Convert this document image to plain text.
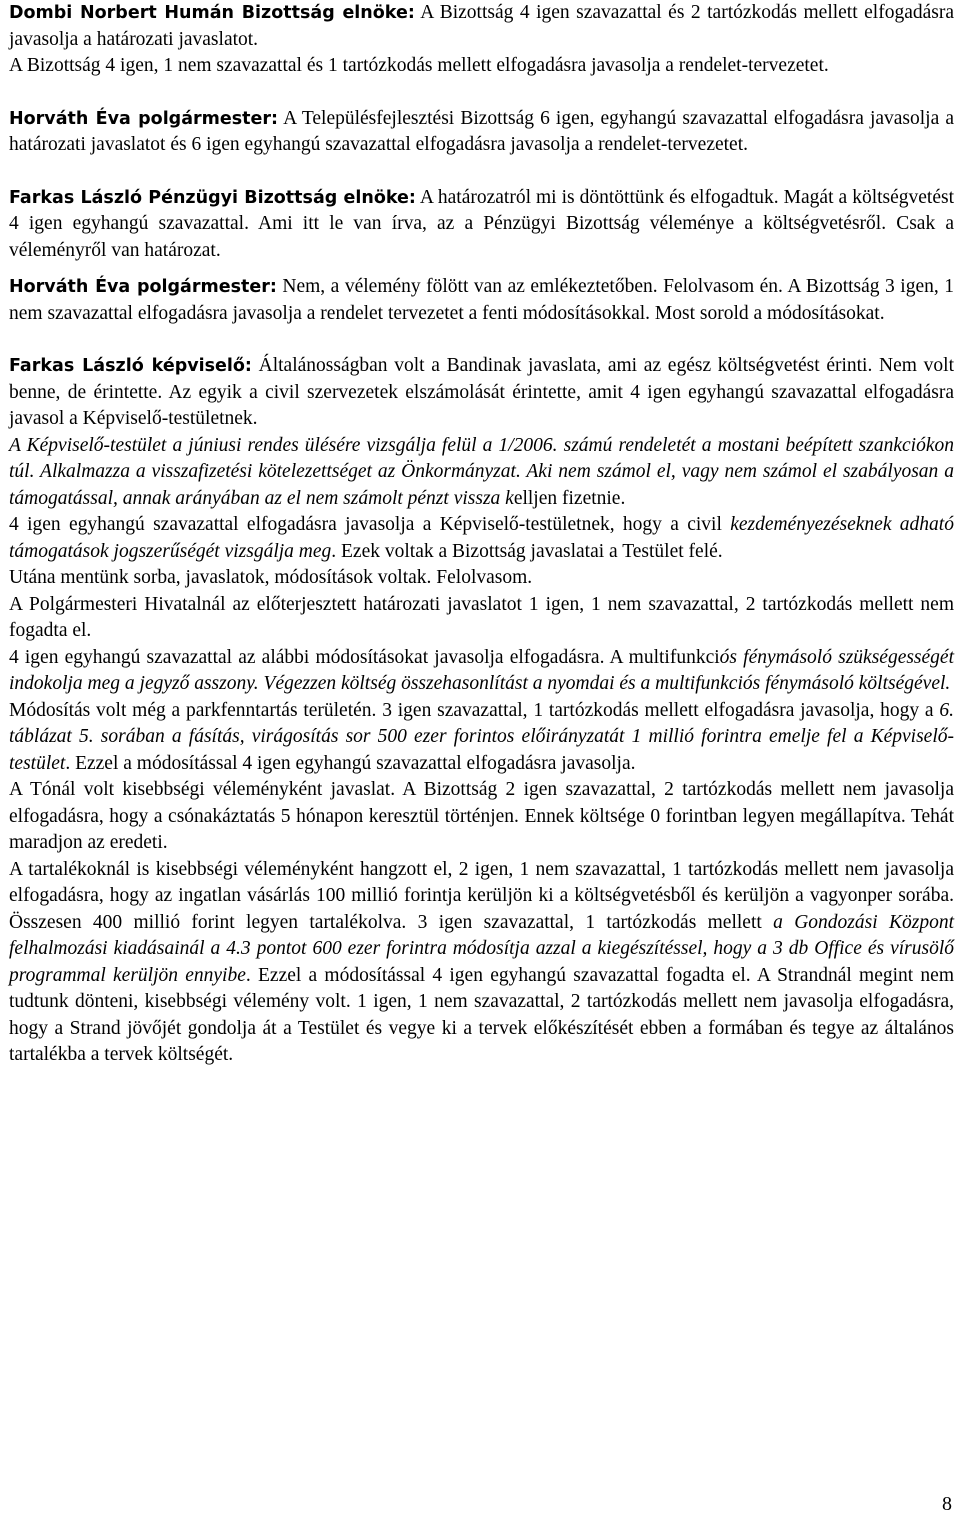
Dombi Norbert Humán Bizottság elnöke: A Bizottság 4 igen szavazattal és 2 tartózkodás mellett elfogadásra javasolja a határozati javaslatot.

A Bizottság 4 igen, 1 nem szavazattal és 1 tartózkodás mellett elfogadásra javasolja a rendelet-tervezetet.

Horváth Éva polgármester: A Településfejlesztési Bizottság 6 igen, egyhangú szavazattal elfogadásra javasolja a határozati javaslatot és 6 igen egyhangú szavazattal elfogadásra javasolja a rendelet-tervezetet.

Farkas László Pénzügyi Bizottság elnöke: A határozatról mi is döntöttünk és elfogadtuk. Magát a költségvetést 4 igen egyhangú szavazattal. Ami itt le van írva, az a Pénzügyi Bizottság véleménye a költségvetésről. Csak a véleményről van határozat.

Horváth Éva polgármester: Nem, a vélemény fölött van az emlékeztetőben. Felolvasom én. A Bizottság 3 igen, 1 nem szavazattal elfogadásra javasolja a rendelet tervezetet a fenti módosításokkal. Most sorold a módosításokat.

Farkas László képviselő: Általánosságban volt a Bandinak javaslata, ami az egész költségvetést érinti. Nem volt benne, de érintette. Az egyik a civil szervezetek elszámolását érintette, amit 4 igen egyhangú szavazattal elfogadásra javasol a Képviselő-testületnek.

A Képviselő-testület a júniusi rendes ülésére vizsgálja felül a 1/2006. számú rendeletét a mostani beépített szankciókon túl. Alkalmazza a visszafizetési kötelezettséget az Önkormányzat. Aki nem számol el, vagy nem számol el szabályosan a támogatással, annak arányában az el nem számolt pénzt vissza kelljen fizetnie.

4 igen egyhangú szavazattal elfogadásra javasolja a Képviselő-testületnek, hogy a civil kezdeményezéseknek adható támogatások jogszerűségét vizsgálja meg. Ezek voltak a Bizottság javaslatai a Testület felé.

Utána mentünk sorba, javaslatok, módosítások voltak. Felolvasom.

A Polgármesteri Hivatalnál az előterjesztett határozati javaslatot 1 igen, 1 nem szavazattal, 2 tartózkodás mellett nem fogadta el.

4 igen egyhangú szavazattal az alábbi módosításokat javasolja elfogadásra. A multifunkciós fénymásoló szükségességét indokolja meg a jegyző asszony. Végezzen költség összehasonlítást a nyomdai és a multifunkciós fénymásoló költségével.

Módosítás volt még a parkfenntartás területén. 3 igen szavazattal, 1 tartózkodás mellett elfogadásra javasolja, hogy a 6. táblázat 5. sorában a fásítás, virágosítás sor 500 ezer forintos előirányzatát 1 millió forintra emelje fel a Képviselő-testület. Ezzel a módosítással 4 igen egyhangú szavazattal elfogadásra javasolja.

A Tónál volt kisebbségi véleményként javaslat. A Bizottság 2 igen szavazattal, 2 tartózkodás mellett nem javasolja elfogadásra, hogy a csónakáztatás 5 hónapon keresztül történjen. Ennek költsége 0 forintban legyen megállapítva. Tehát maradjon az eredeti.

A tartalékoknál is kisebbségi véleményként hangzott el, 2 igen, 1 nem szavazattal, 1 tartózkodás mellett nem javasolja elfogadásra, hogy az ingatlan vásárlás 100 millió forintja kerüljön ki a költségvetésből és kerüljön a vagyonper sorába. Összesen 400 millió forint legyen tartalékolva. 3 igen szavazattal, 1 tartózkodás mellett a Gondozási Központ felhalmozási kiadásainál a 4.3 pontot 600 ezer forintra módosítja azzal a kiegészítéssel, hogy a 3 db Office és vírusölő programmal kerüljön ennyibe. Ezzel a módosítással 4 igen egyhangú szavazattal fogadta el. A Strandnál megint nem tudtunk dönteni, kisebbségi vélemény volt. 1 igen, 1 nem szavazattal, 2 tartózkodás mellett nem javasolja elfogadásra, hogy a Strand jövőjét gondolja át a Testület és vegye ki a tervek előkészítését ebben a formában és tegye az általános tartalékba a tervek költségét.

8
